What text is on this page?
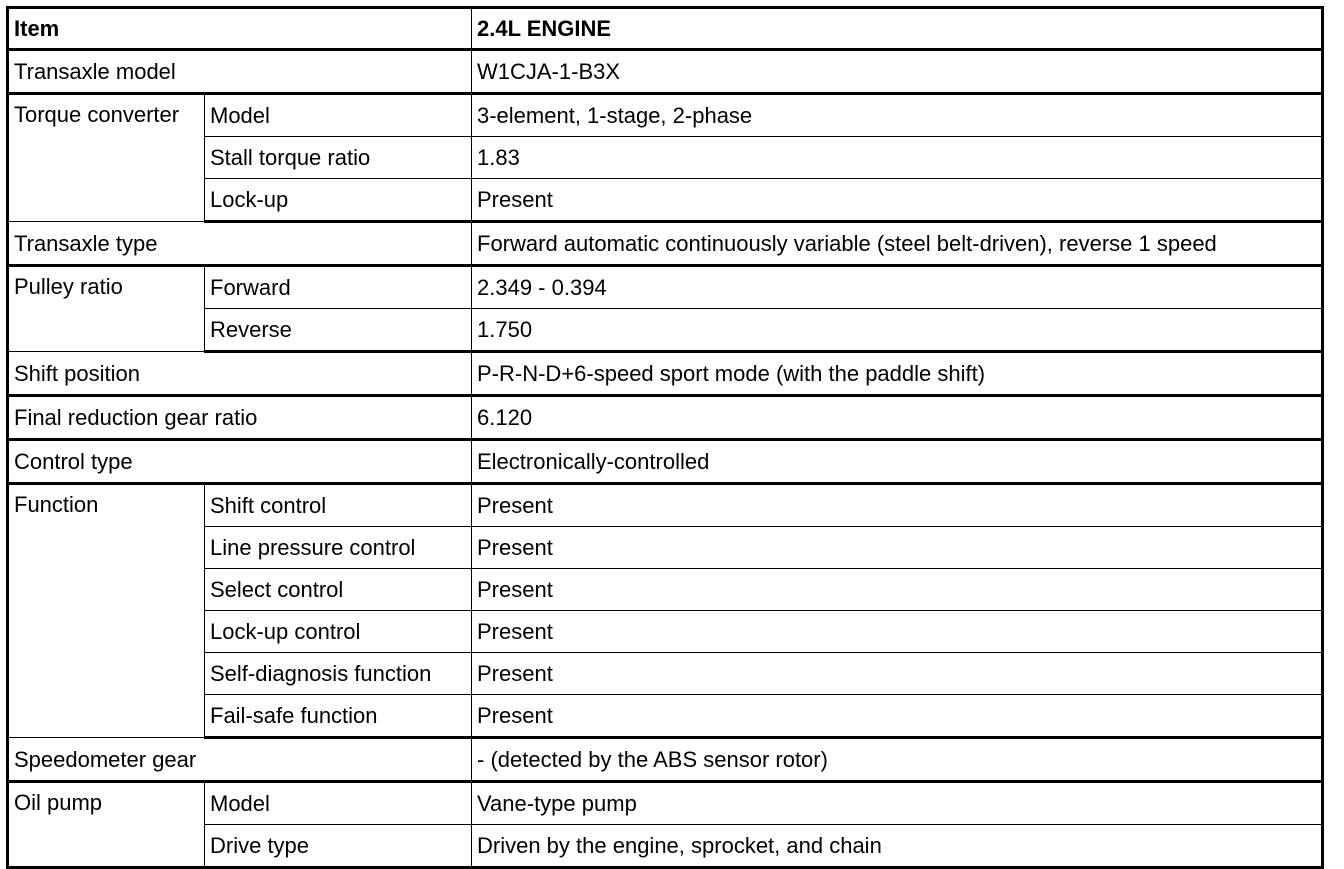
Item		2.4L ENGINE
Transaxle model		W1CJA-1-B3X
Torque converter	Model	3-element, 1-stage, 2-phase
	Stall torque ratio	1.83
	Lock-up	Present
Transaxle type		Forward automatic continuously variable (steel belt-driven), reverse 1 speed
Pulley ratio	Forward	2.349 - 0.394
	Reverse	1.750
Shift position		P-R-N-D+6-speed sport mode (with the paddle shift)
Final reduction gear ratio		6.120
Control type		Electronically-controlled
Function	Shift control	Present
	Line pressure control	Present
	Select control	Present
	Lock-up control	Present
	Self-diagnosis function	Present
	Fail-safe function	Present
Speedometer gear		- (detected by the ABS sensor rotor)
Oil pump	Model	Vane-type pump
	Drive type	Driven by the engine, sprocket, and chain
